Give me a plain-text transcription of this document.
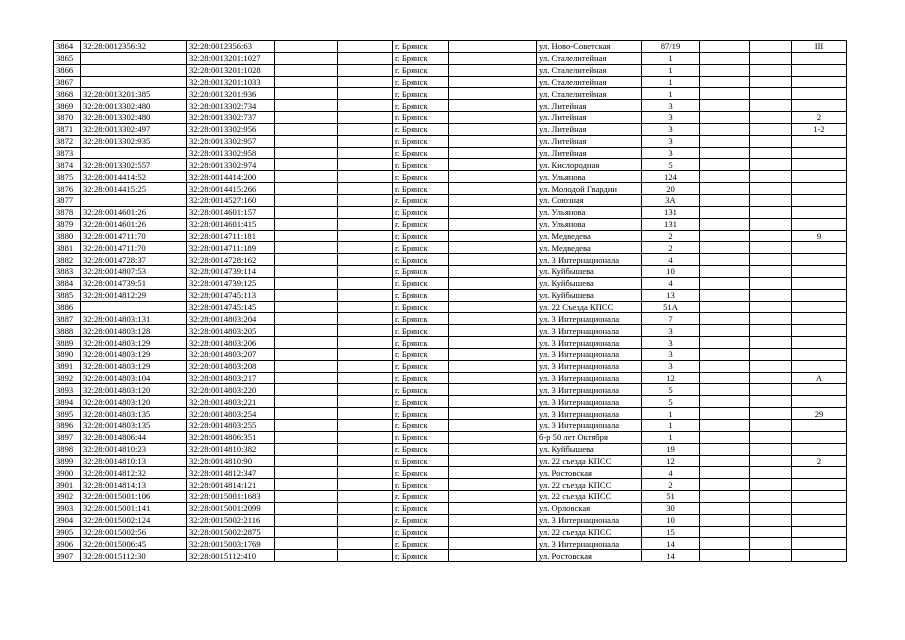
3864	32:28:0012356:32	32:28:0012356:63			г. Брянск		ул. Ново-Советская	87/19			III
3865		32:28:0013201:1027			г. Брянск		ул. Сталелитейная	1			
3866		32:28:0013201:1028			г. Брянск		ул. Сталелитейная	1			
3867		32:28:0013201:1033			г. Брянск		ул. Сталелитейная	1			
3868	32:28:0013201:385	32:28:0013201:936			г. Брянск		ул. Сталелитейная	1			
3869	32:28:0013302:480	32:28:0013302:734			г. Брянск		ул. Литейная	3			
3870	32:28:0013302:480	32:28:0013302:737			г. Брянск		ул. Литейная	3			2
3871	32:28:0013302:497	32:28:0013302:956			г. Брянск		ул. Литейная	3			1-2
3872	32:28:0013302:935	32:28:0013302:957			г. Брянск		ул. Литейная	3			
3873		32:28:0013302:958			г. Брянск		ул. Литейная	3			
3874	32:28:0013302:557	32:28:0013302:974			г. Брянск		ул. Кислородная	5			
3875	32:28:0014414:52	32:28:0014414:200			г. Брянск		ул. Ульянова	124			
3876	32:28:0014415:25	32:28:0014415:266			г. Брянск		ул. Молодой Гвардии	20			
3877		32:28:0014527:160			г. Брянск		ул. Союзная	3А			
3878	32:28:0014601:26	32:28:0014601:157			г. Брянск		ул. Ульянова	131			
3879	32:28:0014601:26	32:28:0014601:415			г. Брянск		ул. Ульянова	131			
3880	32:28:0014711:70	32:28:0014711:181			г. Брянск		ул. Медведева	2			9
3881	32:28:0014711:70	32:28:0014711:189			г. Брянск		ул. Медведева	2			
3882	32:28:0014728:37	32:28:0014728:162			г. Брянск		ул. 3 Интернационала	4			
3883	32:28:0014807:53	32:28:0014739:114			г. Брянск		ул. Куйбышева	10			
3884	32:28:0014739:51	32:28:0014739:125			г. Брянск		ул. Куйбышева	4			
3885	32:28:0014812:29	32:28:0014745:113			г. Брянск		ул. Куйбышева	13			
3886		32:28:0014745:145			г. Брянск		ул. 22 Съезда КПСС	51А			
3887	32:28:0014803:131	32:28:0014803:204			г. Брянск		ул. 3 Интернационала	7			
3888	32:28:0014803:128	32:28:0014803:205			г. Брянск		ул. 3 Интернационала	3			
3889	32:28:0014803:129	32:28:0014803:206			г. Брянск		ул. 3 Интернационала	3			
3890	32:28:0014803:129	32:28:0014803:207			г. Брянск		ул. 3 Интернационала	3			
3891	32:28:0014803:129	32:28:0014803:208			г. Брянск		ул. 3 Интернационала	3			
3892	32:28:0014803:104	32:28:0014803:217			г. Брянск		ул. 3 Интернационала	12			А
3893	32:28:0014803:120	32:28:0014803:220			г. Брянск		ул. 3 Интернационала	5			
3894	32:28:0014803:120	32:28:0014803:221			г. Брянск		ул. 3 Интернационала	5			
3895	32:28:0014803:135	32:28:0014803:254			г. Брянск		ул. 3 Интернационала	1			29
3896	32:28:0014803:135	32:28:0014803:255			г. Брянск		ул. 3 Интернационала	1			
3897	32:28:0014806:44	32:28:0014806:351			г. Брянск		б-р 50 лет Октября	1			
3898	32:28:0014810:23	32:28:0014810:382			г. Брянск		ул. Куйбышева	19			
3899	32:28:0014810:13	32:28:0014810:90			г. Брянск		ул. 22 съезда КПСС	12			2
3900	32:28:0014812:32	32:28:0014812:347			г. Брянск		ул. Ростовская	4			
3901	32:28:0014814:13	32:28:0014814:121			г. Брянск		ул. 22 съезда КПСС	2			
3902	32:28:0015001:106	32:28:0015001:1683			г. Брянск		ул. 22 съезда КПСС	51			
3903	32:28:0015001:141	32:28:0015001:2099			г. Брянск		ул. Орловская	30			
3904	32:28:0015002:124	32:28:0015002:2116			г. Брянск		ул. 3 Интернационала	10			
3905	32:28:0015002:56	32:28:0015002:2875			г. Брянск		ул. 22 съезда КПСС	15			
3906	32:28:0015006:45	32:28:0015003:1769			г. Брянск		ул. 3 Интернационала	14			
3907	32:28:0015112:30	32:28:0015112:410			г. Брянск		ул. Ростовская	14			
